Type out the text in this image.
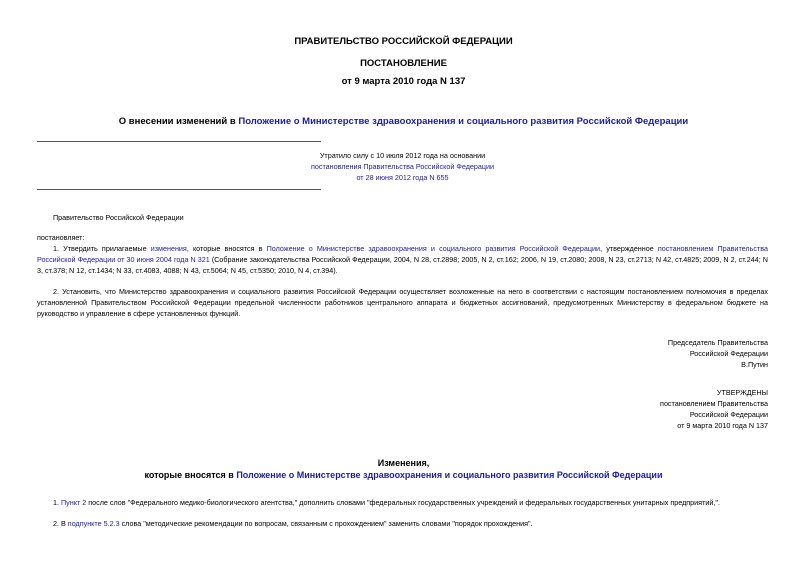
ПРАВИТЕЛЬСТВО РОССИЙСКОЙ ФЕДЕРАЦИИ
ПОСТАНОВЛЕНИЕ
от 9 марта 2010 года N 137
О внесении изменений в Положение о Министерстве здравоохранения и социального развития Российской Федерации
Утратило силу с 10 июля 2012 года на основании
постановления Правительства Российской Федерации
от 28 июня 2012 года N 655
Правительство Российской Федерации
постановляет:
1. Утвердить прилагаемые изменения, которые вносятся в Положение о Министерстве здравоохранения и социального развития Российской Федерации, утвержденное постановлением Правительства Российской Федерации от 30 июня 2004 года N 321 (Собрание законодательства Российской Федерации, 2004, N 28, ст.2898; 2005, N 2, ст.162; 2006, N 19, ст.2080; 2008, N 23, ст.2713; N 42, ст.4825; 2009, N 2, ст.244; N 3, ст.378; N 12, ст.1434; N 33, ст.4083, 4088; N 43, ст.5064; N 45, ст.5350; 2010, N 4, ст.394).
2. Установить, что Министерство здравоохранения и социального развития Российской Федерации осуществляет возложенные на него в соответствии с настоящим постановлением полномочия в пределах установленной Правительством Российской Федерации предельной численности работников центрального аппарата и бюджетных ассигнований, предусмотренных Министерству в федеральном бюджете на руководство и управление в сфере установленных функций.
Председатель Правительства
Российской Федерации
В.Путин
УТВЕРЖДЕНЫ
постановлением Правительства
Российской Федерации
от 9 марта 2010 года N 137
Изменения,
которые вносятся в Положение о Министерстве здравоохранения и социального развития Российской Федерации
1. Пункт 2 после слов "Федерального медико-биологического агентства," дополнить словами "федеральных государственных учреждений и федеральных государственных унитарных предприятий,".
2. В подпункте 5.2.3 слова "методические рекомендации по вопросам, связанным с прохождением" заменить словами "порядок прохождения".
